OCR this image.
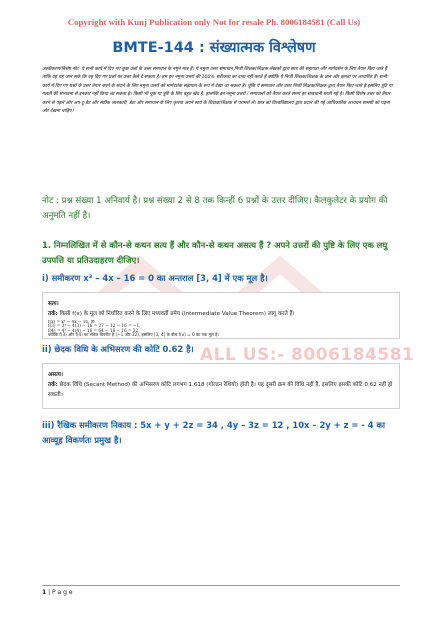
Copyright with Kunj Publication only Not for resale Ph. 8006184581 (Call Us)
BMTE-144 : संख्यात्मक विश्लेषण
अस्वीकरण/विशेष नोट: ये सभी कार्य में दिए गए कुछ प्रश्नों के उत्तर समाधान के नमूने मात्र हैं। ये नमूना उत्तर समाधान निजी शिक्षक/शिक्षक लेखकों द्वारा छात्र की सहायता और मार्गदर्शन के लिए तैयार किए जाते हैं ताकि वह यह जान सके कि वह दिए गए प्रश्नों का उत्तर कैसे दे सकता है। हम इन नमूना उत्तरों की 100% सटीकता का दावा नहीं करते हैं क्योंकि ये निजी शिक्षक/शिक्षक के ज्ञान और क्षमता पर आधारित हैं। सभी कार्य में दिए गए प्रश्नों के उत्तर तैयार करने के संदर्भ के लिए नमूना उत्तरों को मार्गदर्शक सहायता के रूप में देखा जा सकता है। चूंकि ये समाधान और उत्तर निजी शिक्षक/शिक्षक द्वारा तैयार किए जाते हैं इसलिए त्रुटि या गलती की संभावना से इनकार नहीं किया जा सकता है। किसी भी चूक या त्रुटि के लिए बहुत खेद है, हालांकि इन नमूना उत्तरों / समाधानों को तैयार करते समय हर सावधानी बरती गई है। किसी विशेष उत्तर को तैयार करने से पहले और अप-टू-डेट और सटीक जानकारी, डेटा और समाधान के लिए कृपया अपने स्वयं के शिक्षक/शिक्षक से परामर्श लें। छात्र को विश्वविद्यालय द्वारा प्रदान की गई आधिकारिक अध्ययन सामग्री को पढ़ना और देखना चाहिए।
नोट : प्रश्न संख्या 1 अनिवार्य है। प्रश्न संख्या 2 से 8 तक किन्हीं 6 प्रश्नों के उत्तर दीजिए। कैलकुलेटर के प्रयोग की अनुमति नहीं है।
1. निम्नलिखित में से कौन-से कथन सत्य हैं और कौन-से कथन असत्य हैं ? अपने उत्तरों की पुष्टि के लिए एक लघु उपपत्ति या प्रतिउदाहरण दीजिए।
i) समीकरण x³ – 4x – 16 = 0 का अन्तराल [3, 4] में एक मूल है।
सत्य।
ii) छेदक विधि के अभिसरण की कोटि 0.62 है।
असत्य।
ALL US:- 8006184581
iii) रैखिक समीकरण निकाय : 5x + y + 2z = 34 , 4y – 3z = 12 , 10x – 2y + z = - 4 का आव्यूह विकर्णतः प्रमुख है।
1 | P a g e
तर्क: किसी f(x) के मूल को निर्धारित करने के लिए मध्यवर्ती प्रमेय (Intermediate Value Theorem) लागू करते हैं।
f(x) = x³ − 4x − 16, तो:
f(3) = 3³ − 4(3) − 16 = 27 − 12 − 16 = −1,
f(4) = 4³ − 4(4) − 16 = 64 − 16 − 16 = 32.
क्योंकि f(3) और f(4) का संकेत विपरीत है (−1 और 32), इसलिए [3, 4] के बीच f(x) = 0 का एक मूल है।
तर्क: छेदक विधि (Secant Method) की अभिसरण कोटि लगभग 1.618 (गोल्डन रेशियो) होती है। यह दूसरी क्रम की विधि नहीं है, इसलिए इसकी कोटि 0.62 नहीं हो सकती।
